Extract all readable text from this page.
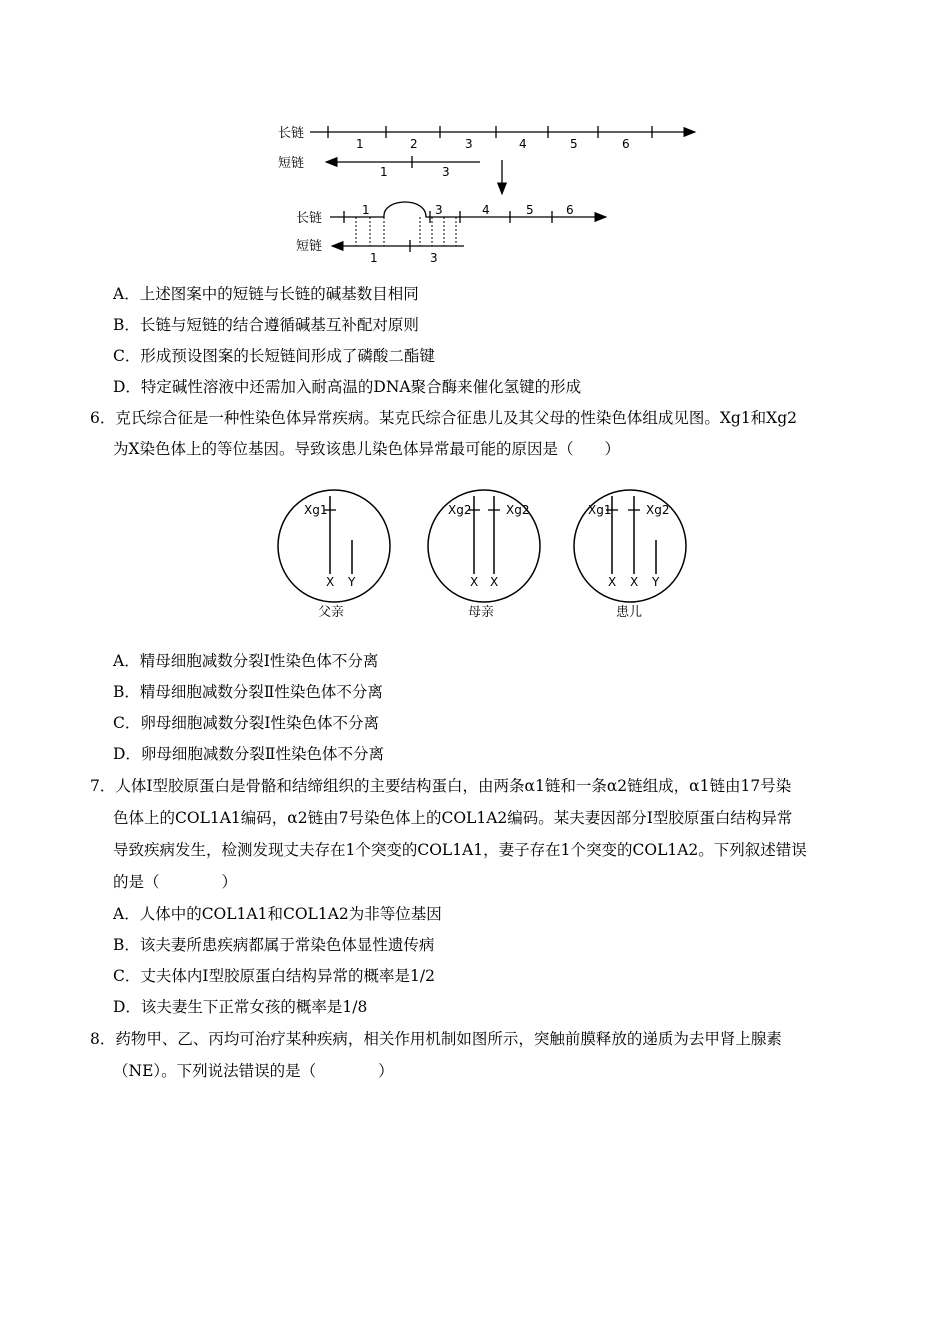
长链
1	2	3	4	5	6
短链
1	3
长链
1	3	4	5	6
短链
1	3
A．上述图案中的短链与长链的碱基数目相同
B．长链与短链的结合遵循碱基互补配对原则
C．形成预设图案的长短链间形成了磷酸二酯键
D．特定碱性溶液中还需加入耐高温的DNA聚合酶来催化氢键的形成
6．克氏综合征是一种性染色体异常疾病。某克氏综合征患儿及其父母的性染色体组成见图。Xg1和Xg2
为X染色体上的等位基因。导致该患儿染色体异常最可能的原因是（　　）
Xg1
X Y
父亲
Xg2	Xg2
X X
母亲
Xg1	Xg2
X X Y
患儿
A．精母细胞减数分裂Ⅰ性染色体不分离
B．精母细胞减数分裂Ⅱ性染色体不分离
C．卵母细胞减数分裂Ⅰ性染色体不分离
D．卵母细胞减数分裂Ⅱ性染色体不分离
7．人体Ⅰ型胶原蛋白是骨骼和结缔组织的主要结构蛋白，由两条α1链和一条α2链组成，α1链由17号染
色体上的COL1A1编码，α2链由7号染色体上的COL1A2编码。某夫妻因部分Ⅰ型胶原蛋白结构异常
导致疾病发生，检测发现丈夫存在1个突变的COL1A1，妻子存在1个突变的COL1A2。下列叙述错误
的是（　　　　）
A．人体中的COL1A1和COL1A2为非等位基因
B．该夫妻所患疾病都属于常染色体显性遗传病
C．丈夫体内Ⅰ型胶原蛋白结构异常的概率是1/2
D．该夫妻生下正常女孩的概率是1/8
8．药物甲、乙、丙均可治疗某种疾病，相关作用机制如图所示，突触前膜释放的递质为去甲肾上腺素
（NE）。下列说法错误的是（　　　　）
